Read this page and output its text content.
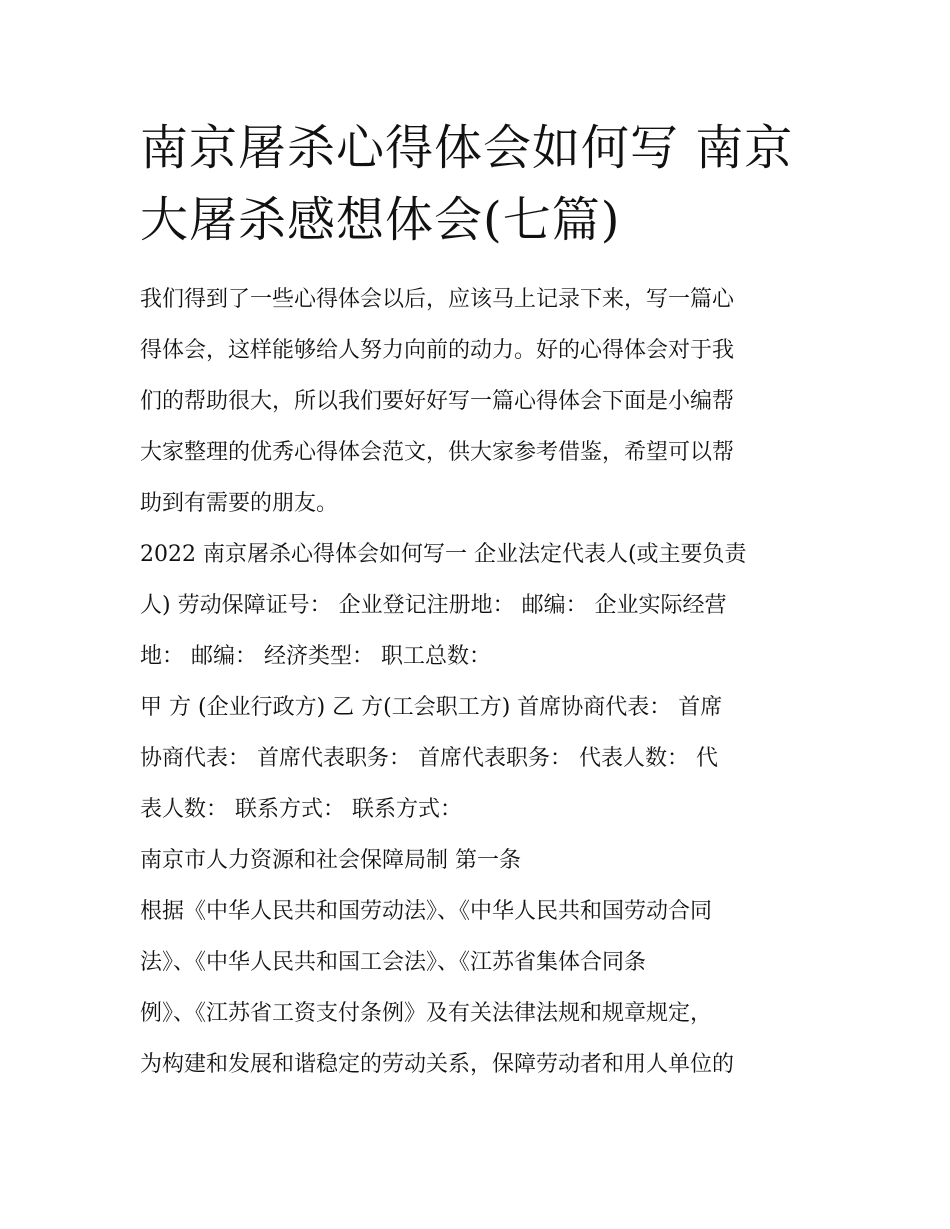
南京屠杀心得体会如何写 南京
大屠杀感想体会(七篇)

我们得到了一些心得体会以后，应该马上记录下来，写一篇心
得体会，这样能够给人努力向前的动力。好的心得体会对于我
们的帮助很大，所以我们要好好写一篇心得体会下面是小编帮
大家整理的优秀心得体会范文，供大家参考借鉴，希望可以帮
助到有需要的朋友。

2022 南京屠杀心得体会如何写一 企业法定代表人(或主要负责
人) 劳动保障证号： 企业登记注册地： 邮编： 企业实际经营
地： 邮编： 经济类型： 职工总数：

甲 方 (企业行政方) 乙 方(工会职工方) 首席协商代表： 首席
协商代表： 首席代表职务： 首席代表职务： 代表人数： 代
表人数： 联系方式： 联系方式：

南京市人力资源和社会保障局制 第一条

根据《中华人民共和国劳动法》、《中华人民共和国劳动合同
法》、《中华人民共和国工会法》、《江苏省集体合同条
例》、《江苏省工资支付条例》及有关法律法规和规章规定，
为构建和发展和谐稳定的劳动关系，保障劳动者和用人单位的
